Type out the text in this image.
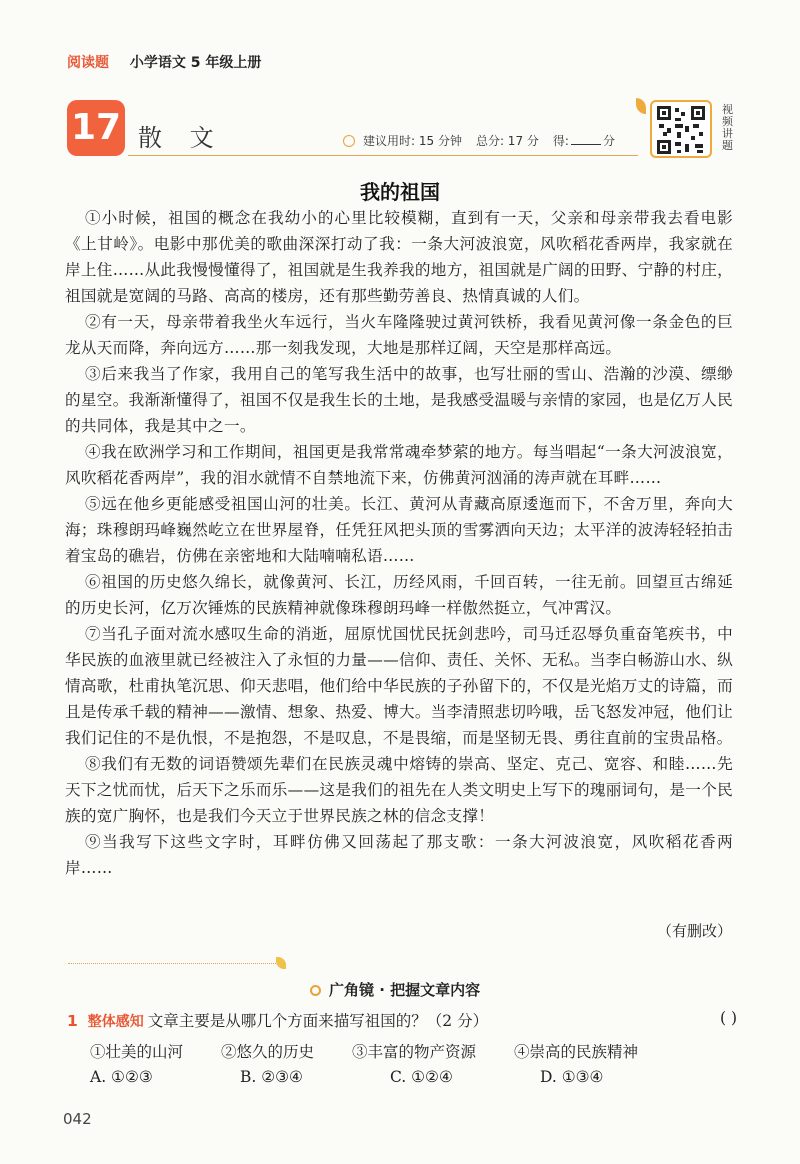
阅读题 小学语文 5 年级上册
17 散 文	建议用时: 15 分钟 总分: 17 分 得:	分
视频讲题
我的祖国

①小时候，祖国的概念在我幼小的心里比较模糊，直到有一天，父亲和母亲带我去看电影《上甘岭》。电影中那优美的歌曲深深打动了我：一条大河波浪宽，风吹稻花香两岸，我家就在岸上住……从此我慢慢懂得了，祖国就是生我养我的地方，祖国就是广阔的田野、宁静的村庄，祖国就是宽阔的马路、高高的楼房，还有那些勤劳善良、热情真诚的人们。

②有一天，母亲带着我坐火车远行，当火车隆隆驶过黄河铁桥，我看见黄河像一条金色的巨龙从天而降，奔向远方……那一刻我发现，大地是那样辽阔，天空是那样高远。

③后来我当了作家，我用自己的笔写我生活中的故事，也写壮丽的雪山、浩瀚的沙漠、缥缈的星空。我渐渐懂得了，祖国不仅是我生长的土地，是我感受温暖与亲情的家园，也是亿万人民的共同体，我是其中之一。

④我在欧洲学习和工作期间，祖国更是我常常魂牵梦萦的地方。每当唱起“一条大河波浪宽，风吹稻花香两岸”，我的泪水就情不自禁地流下来，仿佛黄河汹涌的涛声就在耳畔……

⑤远在他乡更能感受祖国山河的壮美。长江、黄河从青藏高原逶迤而下，不舍万里，奔向大海；珠穆朗玛峰巍然屹立在世界屋脊，任凭狂风把头顶的雪雾洒向天边；太平洋的波涛轻轻拍击着宝岛的礁岩，仿佛在亲密地和大陆喃喃私语……

⑥祖国的历史悠久绵长，就像黄河、长江，历经风雨，千回百转，一往无前。回望亘古绵延的历史长河，亿万次锤炼的民族精神就像珠穆朗玛峰一样傲然挺立，气冲霄汉。

⑦当孔子面对流水感叹生命的消逝，屈原忧国忧民抚剑悲吟，司马迁忍辱负重奋笔疾书，中华民族的血液里就已经被注入了永恒的力量——信仰、责任、关怀、无私。当李白畅游山水、纵情高歌，杜甫执笔沉思、仰天悲唱，他们给中华民族的子孙留下的，不仅是光焰万丈的诗篇，而且是传承千载的精神——激情、想象、热爱、博大。当李清照悲切吟哦，岳飞怒发冲冠，他们让我们记住的不是仇恨，不是抱怨，不是叹息，不是畏缩，而是坚韧无畏、勇往直前的宝贵品格。

⑧我们有无数的词语赞颂先辈们在民族灵魂中熔铸的崇高、坚定、克己、宽容、和睦……先天下之忧而忧，后天下之乐而乐——这是我们的祖先在人类文明史上写下的瑰丽词句，是一个民族的宽广胸怀，也是我们今天立于世界民族之林的信念支撑！

⑨当我写下这些文字时，耳畔仿佛又回荡起了那支歌：一条大河波浪宽，风吹稻花香两岸……

（有删改）
广角镜 · 把握文章内容
1 整体感知 文章主要是从哪几个方面来描写祖国的？（2 分）	( )
①壮美的山河 ②悠久的历史 ③丰富的物产资源 ④崇高的民族精神
A. ①②③	B. ②③④	C. ①②④	D. ①③④
042
